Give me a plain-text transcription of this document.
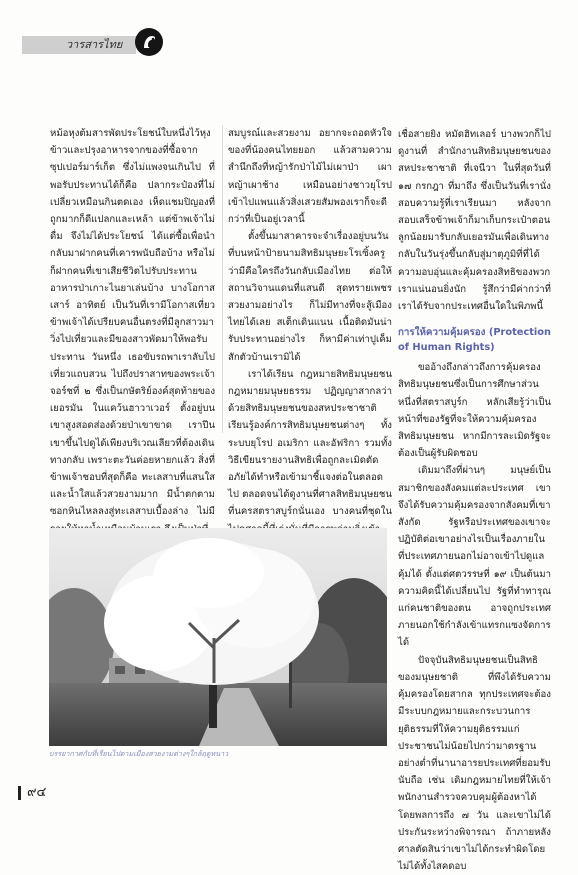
วารสารไทย

หม้อหุงต้มสารพัดประโยชน์ใบหนึ่งไว้หุงข้าวและปรุงอาหารจากของที่ซื้อจากซุปเปอร์มาร์เก็ต ซึ่งไม่แพงจนเกินไป ที่พอรับประทานได้ก็คือ ปลากระป๋องที่ไม่เปลี่ยวเหมือนกินตดเอง เห็ดแชมปิญองที่ถูกมากก็ดีแปลกและเหล้า แต่ข้าพเจ้าไม่ดื่ม จึงไม่ได้ประโยชน์ ได้แต่ซื้อเพื่อนำกลับมาฝากคนที่เคารพนับถือบ้าง หรือไม่ก็ฝากคนที่เขาเสียชีวิตไปรับประทานอาหารป่าเกาะไนยาเล่นบ้าง บางโอกาสเสาร์ อาทิตย์ เป็นวันที่เรามีโอกาสเที่ยว ข้าพเจ้าได้เปรียบคนอื่นตรงที่มีลูกสาวมาวิ่งไปเที่ยวและมีของสาวพัดมาให้พอรับประทาน วันหนึ่ง เธอขับรถพาเราลับไปเที่ยวแถบสวน ไปถึงปราสาทของพระเจ้าจอร์ชที่ ๒ ซึ่งเป็นกษัตริย์องค์สุดท้ายของเยอรมัน ในแคว้นฮาวาเวอร์ ตั้งอยู่บนเขาสูงสอดส่องด้วยป่าเขาขาด เราปีนเขาขึ้นไปดูได้เพียงบริเวณเลียวที่ต้องเดินทางกลับ เพราะตะวันค่อยหายกแล้ว สิ่งที่ข้าพเจ้าชอบที่สุดก็คือ ทะเลสาบที่แสนใสและน้ำใสแล้วสวยงามมาก มีน้ำตกตามซอกหินไหลลงสู่ทะเลสาบเบื้องล่าง ไม่มี

สมบูรณ์และสวยงาม อยากจะถอดหัวใจของที่น้องคนไทยยอก แล้วสามความสำนึกถึงที่หญ้ารักป่าไม้ไม่เผาป่า เผาหญ้าเผาช้าง เหมือนอย่างชาวยุโรปเข้าไปแพนแล้วสิ่งเสวยสัมพองเราก็จะดีกว่าที่เป็นอยู่เวลานี้

ตั้งขึ้นมาสาคารจะจำเรื่องอยู่บนวันที่บนหน้าป้ายนามสิทธิมนุษยะโรเซิ้งครูว่ามีคือใครถึงวันกลับเมืองไทย ต่อให้สถานวิจานแดนที่แสนดี สุดทรายเพชรสวยงามอย่างไร ก็ไม่มีทางที่จะสู้เมืองไทยได้เลย สเต็กเดินแนน เนื้อติดมันน่ารับประทานอย่างไร ก็หามีค่าเท่าปูเค็มสักตัวบ้านเรามิได้

เราได้เรียน กฎหมายสิทธิมนุษยชน กฎหมายมนุษยธรรม ปฏิญญาสากลว่าด้วยสิทธิมนุษยชนของสหประชาชาติ เรียนรู้องค์การสิทธิมนุษยชนต่างๆ ทั้ง ระบบยุโรป อเมริกา และอัฟริกา รวมทั้งวิธีเขียนรายงานสิทธิเพื่อถูกละเมิดตัดอภัยได้ทำหรือเข้ามาชี้แจงต่อในตลอดไป ตลอดจนได้ดูงานที่ศาลสิทธิมนุษยชนที่นครสตราสบูร์กนั่นเอง บางคนที่ชุดใน

เชื่อสายยิง หมัดฮิทเลอร์ บางพวกก็ไปดูงานที่ สำนักงานสิทธิมนุษยชนของสหประชาชาติ ที่เจนีวา ในที่สุดวันที่ ๑๗ กรกฎา ที่มาถึง ซึ่งเป็นวันที่เรานั่งสอบความรู้ที่เราเรียนมา หลังจากสอบเสร็จข้าพเจ้าก็มาเก็บกระเป๋าตอนลูกน้อยมารับกลับเยอรมันเพื่อเดินทางกลับในวันรุ่งขึ้นกลับสู่มาตุภูมิที่ที่ได้ความอบอุ่นและคุ้มครองสิทธิของพวกเราแน่นอนยิ่งนัก รู้สึกว่ามีค่ากว่าที่เราได้รับจากประเทศอื่นใดในพิภพนี้

การให้ความคุ้มครอง (Protection of Human Rights)

ขออ้างถึงกล่าวถึงการคุ้มครองสิทธิมนุษยชนซึ่งเป็นการศึกษาส่วนหนึ่งที่สตราสบูร์ก หลักเสียรู้ว่าเป็นหน้าที่ของรัฐที่จะให้ความคุ้มครองสิทธิมนุษยชน หากมีการละเมิดรัฐจะต้องเป็นผู้รับผิดชอบ

เดิมมาถึงที่ผ่านๆ มนุษย์เป็นสมาชิกของสังคมแต่ละประเทศ เขาจึงได้รับความคุ้มครองจากสังคมที่เขาสังกัด รัฐหรือประเทศของเขาจะปฏิบัติต่อเขาอย่างไรเป็นเรื่องภายใน ที่ประเทศภายนอกไม่อาจเข้าไปดูแลคุ้มได้ ตั้งแต่ศตวรรษที่ ๑๙ เป็นต้นมา ความคิดนี้ได้เปลี่ยนไป รัฐที่ทำทารุณแก่คนชาติของตน อาจถูกประเทศภายนอกใช้กำลังเข้าแทรกแซงจัดการได้

ปัจจุบันสิทธิมนุษยชนเป็นสิทธิของมนุษยชาติ ที่พึงได้รับความคุ้มครองโดยสากล ทุกประเทศจะต้องมีระบบกฎหมายและกระบวนการยุติธรรมที่ให้ความยุติธรรมแก่ประชาชนไม่น้อยไปกว่ามาตรฐานอย่างต่ำที่นานาอารยประเทศที่ยอมรับนับถือ เช่น เดิมกฎหมายไทยที่ให้เจ้าพนักงานสำรวจควบคุมผู้ต้องหาได้โดยพลการถึง ๗ วัน และเขาไม่ได้ประกันระหว่างพิจารณา ถ้าภายหลังศาลตัดสินว่าเขาไม่ได้กระทำผิดโดยไม่ได้ทั้งไสคดอบ

บรรยากาศกับที่เรียนไปตามเมืองสวยงามต่างๆใกล้ฤดูหนาว
๙๔
